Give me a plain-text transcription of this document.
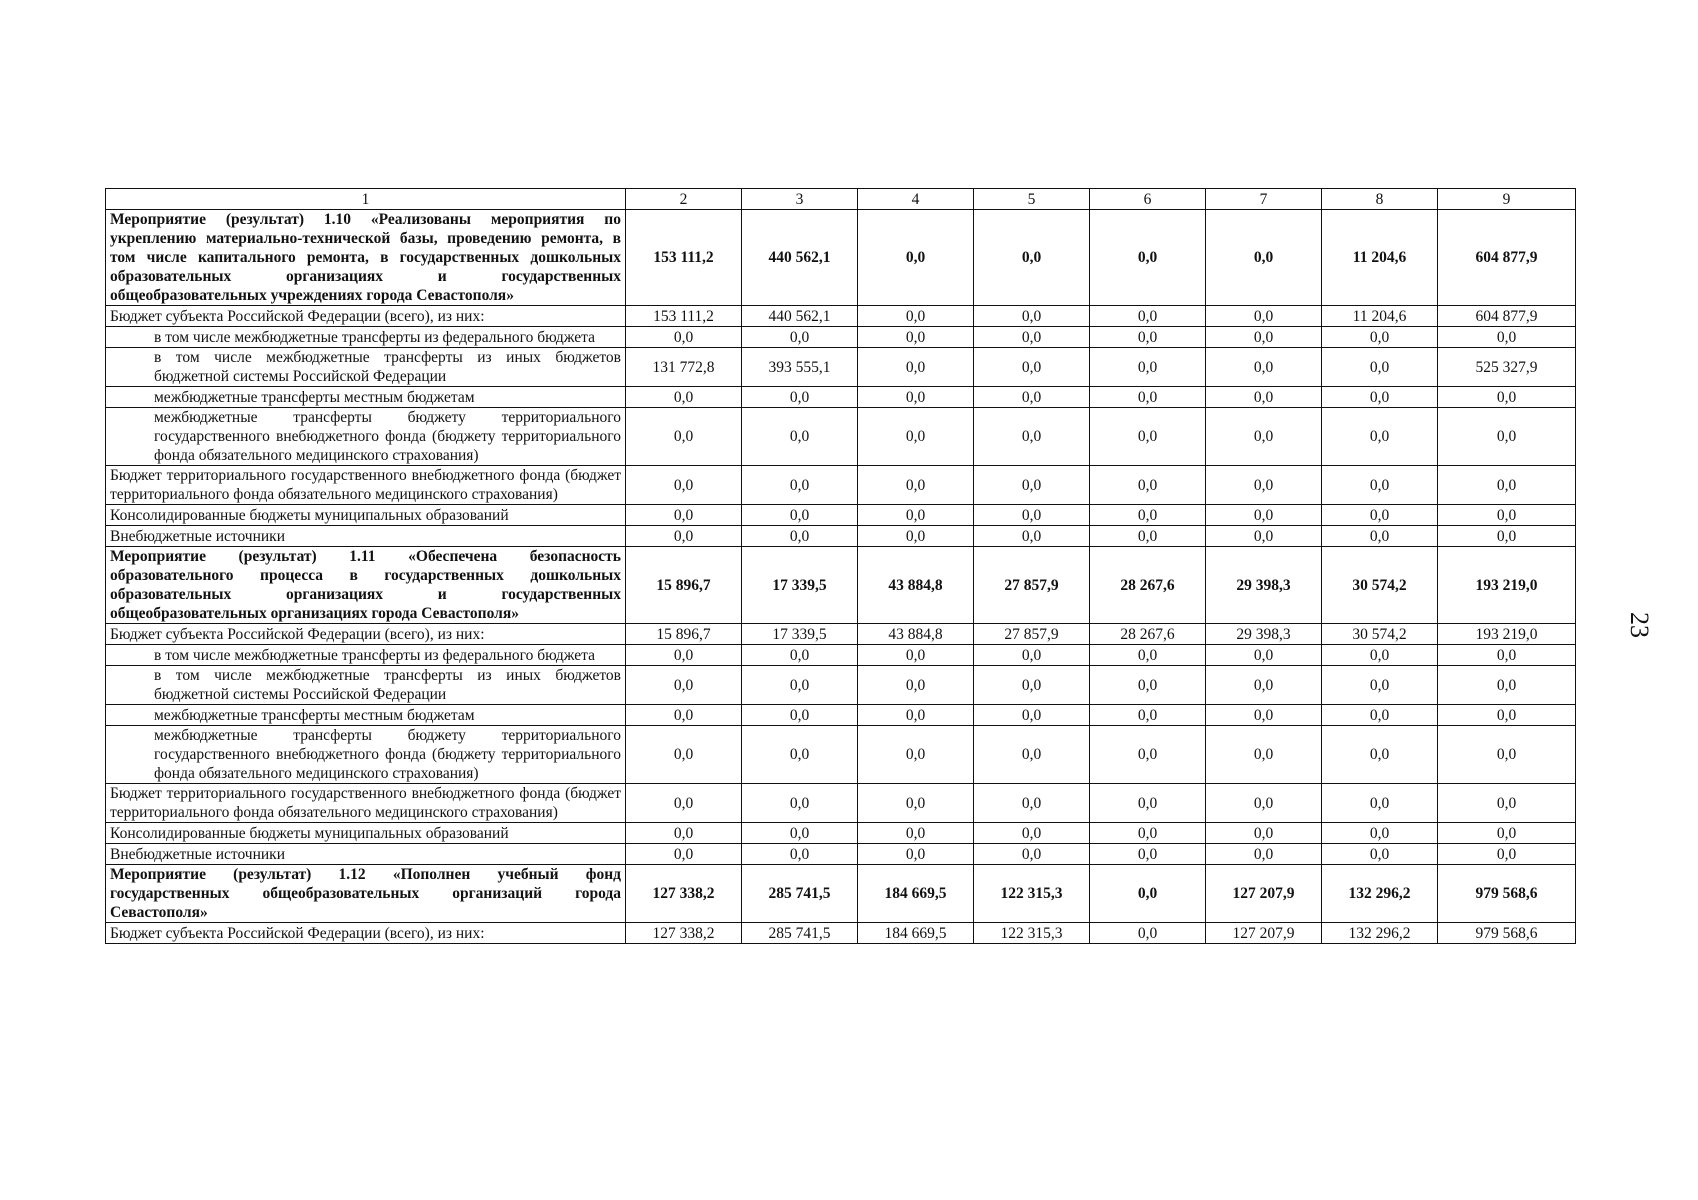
1	2	3	4	5	6	7	8	9
Мероприятие (результат) 1.10 «Реализованы мероприятия по укреплению материально-технической базы, проведению ремонта, в том числе капитального ремонта, в государственных дошкольных образовательных организациях и государственных общеобразовательных учреждениях города Севастополя»	153 111,2	440 562,1	0,0	0,0	0,0	0,0	11 204,6	604 877,9
Бюджет субъекта Российской Федерации (всего), из них:	153 111,2	440 562,1	0,0	0,0	0,0	0,0	11 204,6	604 877,9
в том числе межбюджетные трансферты из федерального бюджета	0,0	0,0	0,0	0,0	0,0	0,0	0,0	0,0
в том числе межбюджетные трансферты из иных бюджетов бюджетной системы Российской Федерации	131 772,8	393 555,1	0,0	0,0	0,0	0,0	0,0	525 327,9
межбюджетные трансферты местным бюджетам	0,0	0,0	0,0	0,0	0,0	0,0	0,0	0,0
межбюджетные трансферты бюджету территориального государственного внебюджетного фонда (бюджету территориального фонда обязательного медицинского страхования)	0,0	0,0	0,0	0,0	0,0	0,0	0,0	0,0
Бюджет территориального государственного внебюджетного фонда (бюджет территориального фонда обязательного медицинского страхования)	0,0	0,0	0,0	0,0	0,0	0,0	0,0	0,0
Консолидированные бюджеты муниципальных образований	0,0	0,0	0,0	0,0	0,0	0,0	0,0	0,0
Внебюджетные источники	0,0	0,0	0,0	0,0	0,0	0,0	0,0	0,0
Мероприятие (результат) 1.11 «Обеспечена безопасность образовательного процесса в государственных дошкольных образовательных организациях и государственных общеобразовательных организациях города Севастополя»	15 896,7	17 339,5	43 884,8	27 857,9	28 267,6	29 398,3	30 574,2	193 219,0
Бюджет субъекта Российской Федерации (всего), из них:	15 896,7	17 339,5	43 884,8	27 857,9	28 267,6	29 398,3	30 574,2	193 219,0
в том числе межбюджетные трансферты из федерального бюджета	0,0	0,0	0,0	0,0	0,0	0,0	0,0	0,0
в том числе межбюджетные трансферты из иных бюджетов бюджетной системы Российской Федерации	0,0	0,0	0,0	0,0	0,0	0,0	0,0	0,0
межбюджетные трансферты местным бюджетам	0,0	0,0	0,0	0,0	0,0	0,0	0,0	0,0
межбюджетные трансферты бюджету территориального государственного внебюджетного фонда (бюджету территориального фонда обязательного медицинского страхования)	0,0	0,0	0,0	0,0	0,0	0,0	0,0	0,0
Бюджет территориального государственного внебюджетного фонда (бюджет территориального фонда обязательного медицинского страхования)	0,0	0,0	0,0	0,0	0,0	0,0	0,0	0,0
Консолидированные бюджеты муниципальных образований	0,0	0,0	0,0	0,0	0,0	0,0	0,0	0,0
Внебюджетные источники	0,0	0,0	0,0	0,0	0,0	0,0	0,0	0,0
Мероприятие (результат) 1.12 «Пополнен учебный фонд государственных общеобразовательных организаций города Севастополя»	127 338,2	285 741,5	184 669,5	122 315,3	0,0	127 207,9	132 296,2	979 568,6
Бюджет субъекта Российской Федерации (всего), из них:	127 338,2	285 741,5	184 669,5	122 315,3	0,0	127 207,9	132 296,2	979 568,6
23
